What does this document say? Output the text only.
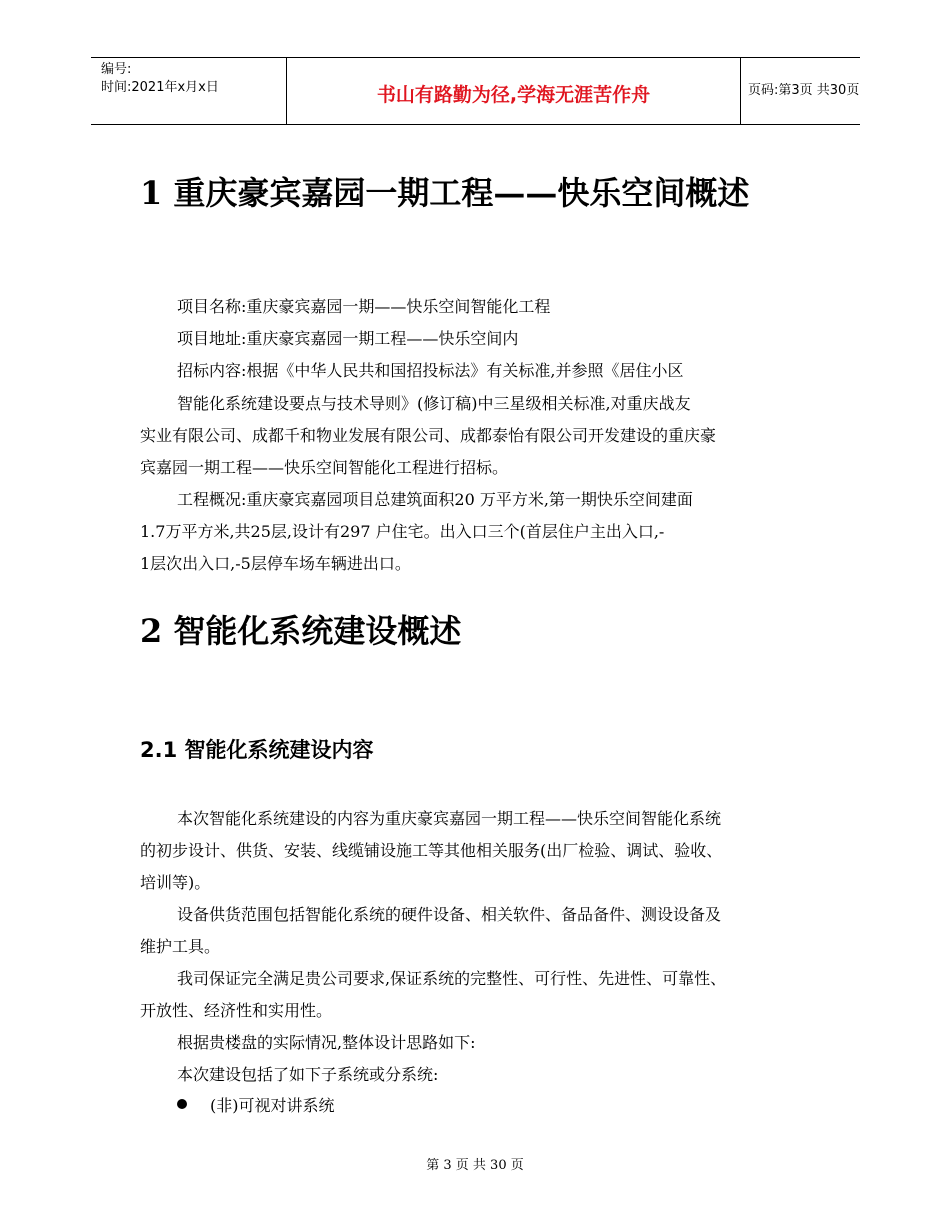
编号:
时间:2021年x月x日	书山有路勤为径,学海无涯苦作舟	页码:第3页 共30页
1 重庆豪宾嘉园一期工程——快乐空间概述
项目名称:重庆豪宾嘉园一期——快乐空间智能化工程
项目地址:重庆豪宾嘉园一期工程——快乐空间内
招标内容:根据《中华人民共和国招投标法》有关标准,并参照《居住小区
智能化系统建设要点与技术导则》(修订稿)中三星级相关标准,对重庆战友
实业有限公司、成都千和物业发展有限公司、成都泰怡有限公司开发建设的重庆豪
宾嘉园一期工程——快乐空间智能化工程进行招标。
工程概况:重庆豪宾嘉园项目总建筑面积20 万平方米,第一期快乐空间建面
1.7万平方米,共25层,设计有297 户住宅。出入口三个(首层住户主出入口,-
1层次出入口,-5层停车场车辆进出口。
2 智能化系统建设概述
2.1 智能化系统建设内容
本次智能化系统建设的内容为重庆豪宾嘉园一期工程——快乐空间智能化系统
的初步设计、供货、安装、线缆铺设施工等其他相关服务(出厂检验、调试、验收、
培训等)。
设备供货范围包括智能化系统的硬件设备、相关软件、备品备件、测设设备及
维护工具。
我司保证完全满足贵公司要求,保证系统的完整性、可行性、先进性、可靠性、
开放性、经济性和实用性。
根据贵楼盘的实际情况,整体设计思路如下:
本次建设包括了如下子系统或分系统:
(非)可视对讲系统
第 3 页 共 30 页
